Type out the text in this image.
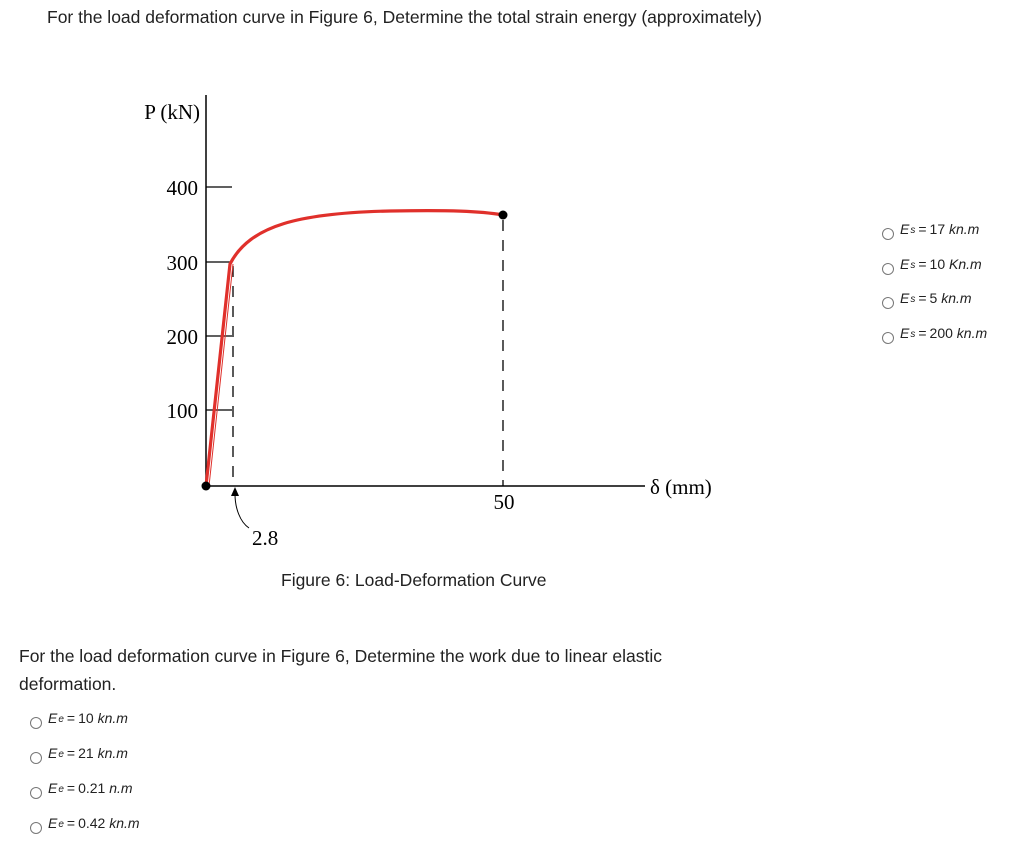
For the load deformation curve in Figure 6, Determine the total strain energy (approximately)
400
300
200
100
P (kN)
δ (mm)
50
2.8
Figure 6: Load-Deformation Curve
E s = 17
kn.m
E s = 10
Kn.m
E s = 5
kn.m
E s = 200
kn.m
For the load deformation curve in Figure 6, Determine the work due to linear elastic deformation.
E e = 10
kn.m
E e = 21
kn.m
E e = 0.21
n.m
E e = 0.42
kn.m
